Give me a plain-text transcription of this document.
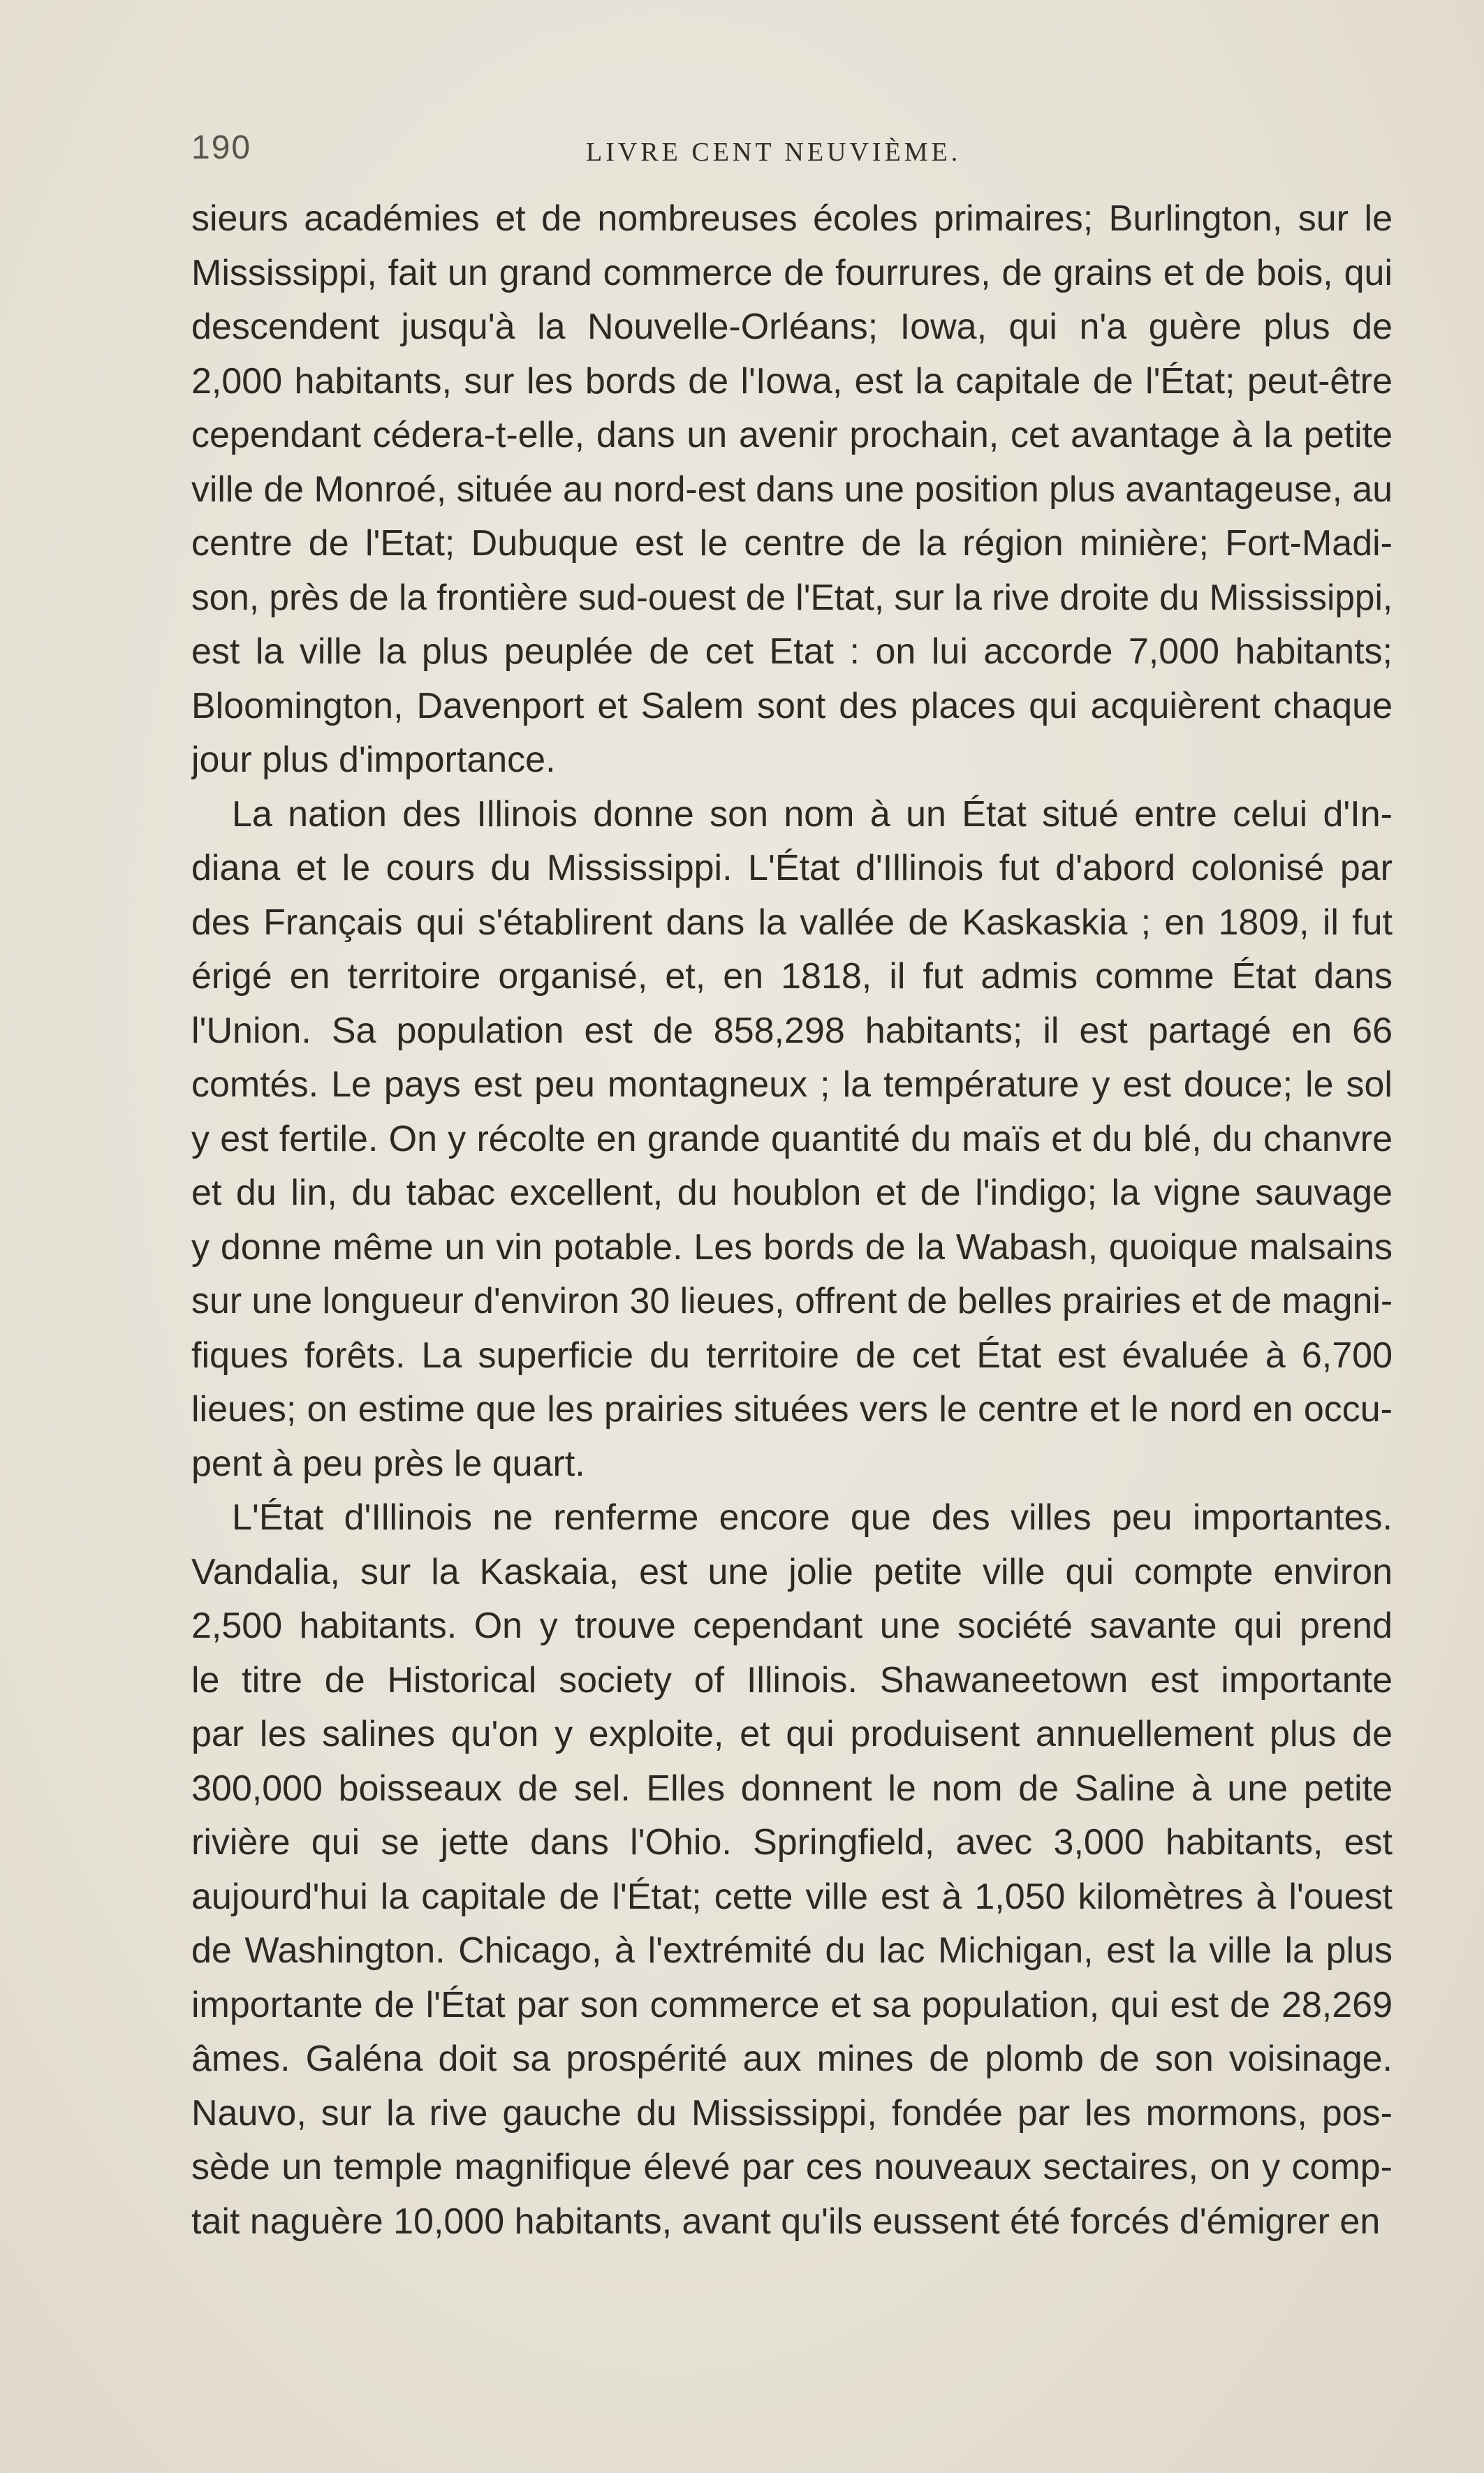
190	LIVRE CENT NEUVIÈME.
sieurs académies et de nombreuses écoles primaires; Burlington, sur le
Mississippi, fait un grand commerce de fourrures, de grains et de bois, qui
descendent jusqu'à la Nouvelle-Orléans; Iowa, qui n'a guère plus de
2,000 habitants, sur les bords de l'Iowa, est la capitale de l'État; peut-être
cependant cédera-t-elle, dans un avenir prochain, cet avantage à la petite
ville de Monroé, située au nord-est dans une position plus avantageuse, au
centre de l'Etat; Dubuque est le centre de la région minière; Fort-Madi-
son, près de la frontière sud-ouest de l'Etat, sur la rive droite du Mississippi,
est la ville la plus peuplée de cet Etat : on lui accorde 7,000 habitants;
Bloomington, Davenport et Salem sont des places qui acquièrent chaque
jour plus d'importance.
La nation des Illinois donne son nom à un État situé entre celui d'In-
diana et le cours du Mississippi. L'État d'Illinois fut d'abord colonisé par
des Français qui s'établirent dans la vallée de Kaskaskia ; en 1809, il fut
érigé en territoire organisé, et, en 1818, il fut admis comme État dans
l'Union. Sa population est de 858,298 habitants; il est partagé en 66
comtés. Le pays est peu montagneux ; la température y est douce; le sol
y est fertile. On y récolte en grande quantité du maïs et du blé, du chanvre
et du lin, du tabac excellent, du houblon et de l'indigo; la vigne sauvage
y donne même un vin potable. Les bords de la Wabash, quoique malsains
sur une longueur d'environ 30 lieues, offrent de belles prairies et de magni-
fiques forêts. La superficie du territoire de cet État est évaluée à 6,700
lieues; on estime que les prairies situées vers le centre et le nord en occu-
pent à peu près le quart.
L'État d'Illinois ne renferme encore que des villes peu importantes.
Vandalia, sur la Kaskaia, est une jolie petite ville qui compte environ
2,500 habitants. On y trouve cependant une société savante qui prend
le titre de Historical society of Illinois. Shawaneetown est importante
par les salines qu'on y exploite, et qui produisent annuellement plus de
300,000 boisseaux de sel. Elles donnent le nom de Saline à une petite
rivière qui se jette dans l'Ohio. Springfield, avec 3,000 habitants, est
aujourd'hui la capitale de l'État; cette ville est à 1,050 kilomètres à l'ouest
de Washington. Chicago, à l'extrémité du lac Michigan, est la ville la plus
importante de l'État par son commerce et sa population, qui est de 28,269
âmes. Galéna doit sa prospérité aux mines de plomb de son voisinage.
Nauvo, sur la rive gauche du Mississippi, fondée par les mormons, pos-
sède un temple magnifique élevé par ces nouveaux sectaires, on y comp-
tait naguère 10,000 habitants, avant qu'ils eussent été forcés d'émigrer en
